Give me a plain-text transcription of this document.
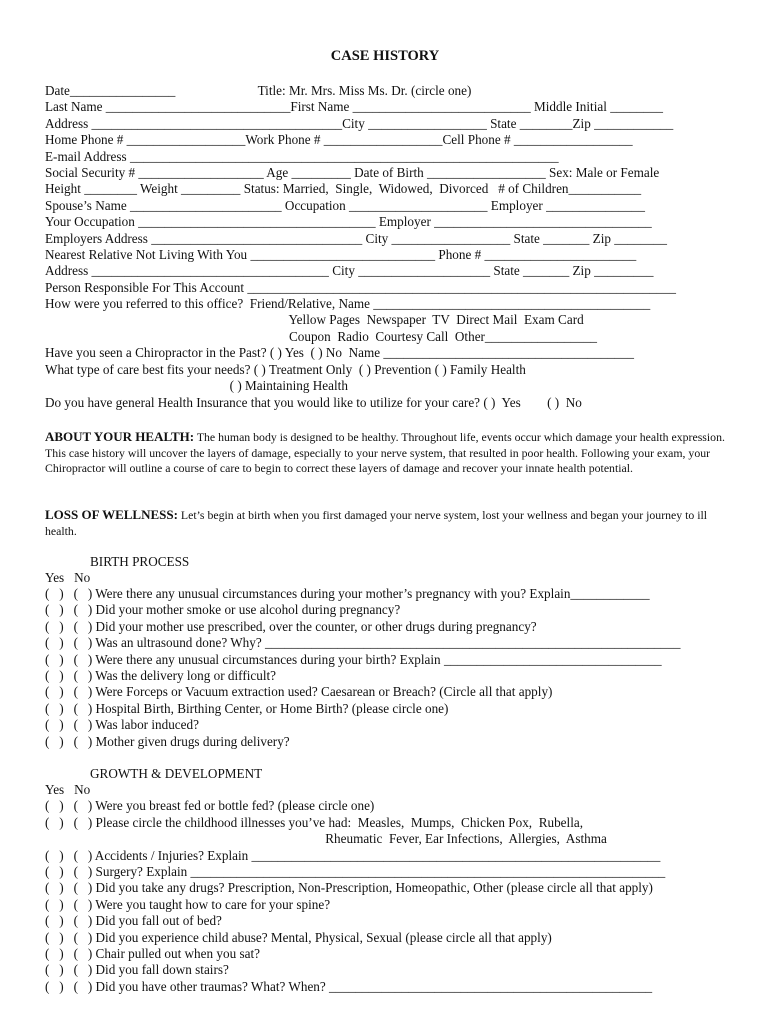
CASE HISTORY
Date________________                         Title: Mr. Mrs. Miss Ms. Dr. (circle one)
Last Name ____________________________First Name ___________________________ Middle Initial ________
Address ______________________________________City __________________ State ________Zip ____________
Home Phone # __________________Work Phone # __________________Cell Phone # __________________
E-mail Address _________________________________________________________________
Social Security # ___________________ Age _________ Date of Birth __________________ Sex: Male or Female
Height ________ Weight _________ Status: Married,  Single,  Widowed,  Divorced   # of Children___________
Spouse’s Name _______________________ Occupation _____________________ Employer _______________
Your Occupation ____________________________________ Employer _________________________________
Employers Address ________________________________ City __________________ State _______ Zip ________
Nearest Relative Not Living With You ____________________________ Phone # _______________________
Address ____________________________________ City ____________________ State _______ Zip _________
Person Responsible For This Account _________________________________________________________________
How were you referred to this office?  Friend/Relative, Name __________________________________________
Yellow Pages  Newspaper  TV  Direct Mail  Exam Card
Coupon  Radio  Courtesy Call  Other_________________
Have you seen a Chiropractor in the Past? ( ) Yes  ( ) No  Name ______________________________________
What type of care best fits your needs? ( ) Treatment Only  ( ) Prevention ( ) Family Health
( ) Maintaining Health
Do you have general Health Insurance that you would like to utilize for your care? ( )  Yes        ( )  No
ABOUT YOUR HEALTH: The human body is designed to be healthy. Throughout life, events occur which damage your health expression. This case history will uncover the layers of damage, especially to your nerve system, that resulted in poor health. Following your exam, your Chiropractor will outline a course of care to begin to correct these layers of damage and recover your innate health potential.
LOSS OF WELLNESS: Let’s begin at birth when you first damaged your nerve system, lost your wellness and began your journey to ill health.
BIRTH PROCESS
Yes   No
(   )   (   ) Were there any unusual circumstances during your mother’s pregnancy with you? Explain____________
(   )   (   ) Did your mother smoke or use alcohol during pregnancy?
(   )   (   ) Did your mother use prescribed, over the counter, or other drugs during pregnancy?
(   )   (   ) Was an ultrasound done? Why? _______________________________________________________________
(   )   (   ) Were there any unusual circumstances during your birth? Explain _________________________________
(   )   (   ) Was the delivery long or difficult?
(   )   (   ) Were Forceps or Vacuum extraction used? Caesarean or Breach? (Circle all that apply)
(   )   (   ) Hospital Birth, Birthing Center, or Home Birth? (please circle one)
(   )   (   ) Was labor induced?
(   )   (   ) Mother given drugs during delivery?
GROWTH & DEVELOPMENT
Yes   No
(   )   (   ) Were you breast fed or bottle fed? (please circle one)
(   )   (   ) Please circle the childhood illnesses you’ve had:  Measles,  Mumps,  Chicken Pox,  Rubella,
Rheumatic  Fever, Ear Infections,  Allergies,  Asthma
(   )   (   ) Accidents / Injuries? Explain ______________________________________________________________
(   )   (   ) Surgery? Explain ________________________________________________________________________
(   )   (   ) Did you take any drugs? Prescription, Non-Prescription, Homeopathic, Other (please circle all that apply)
(   )   (   ) Were you taught how to care for your spine?
(   )   (   ) Did you fall out of bed?
(   )   (   ) Did you experience child abuse? Mental, Physical, Sexual (please circle all that apply)
(   )   (   ) Chair pulled out when you sat?
(   )   (   ) Did you fall down stairs?
(   )   (   ) Did you have other traumas? What? When? _________________________________________________
